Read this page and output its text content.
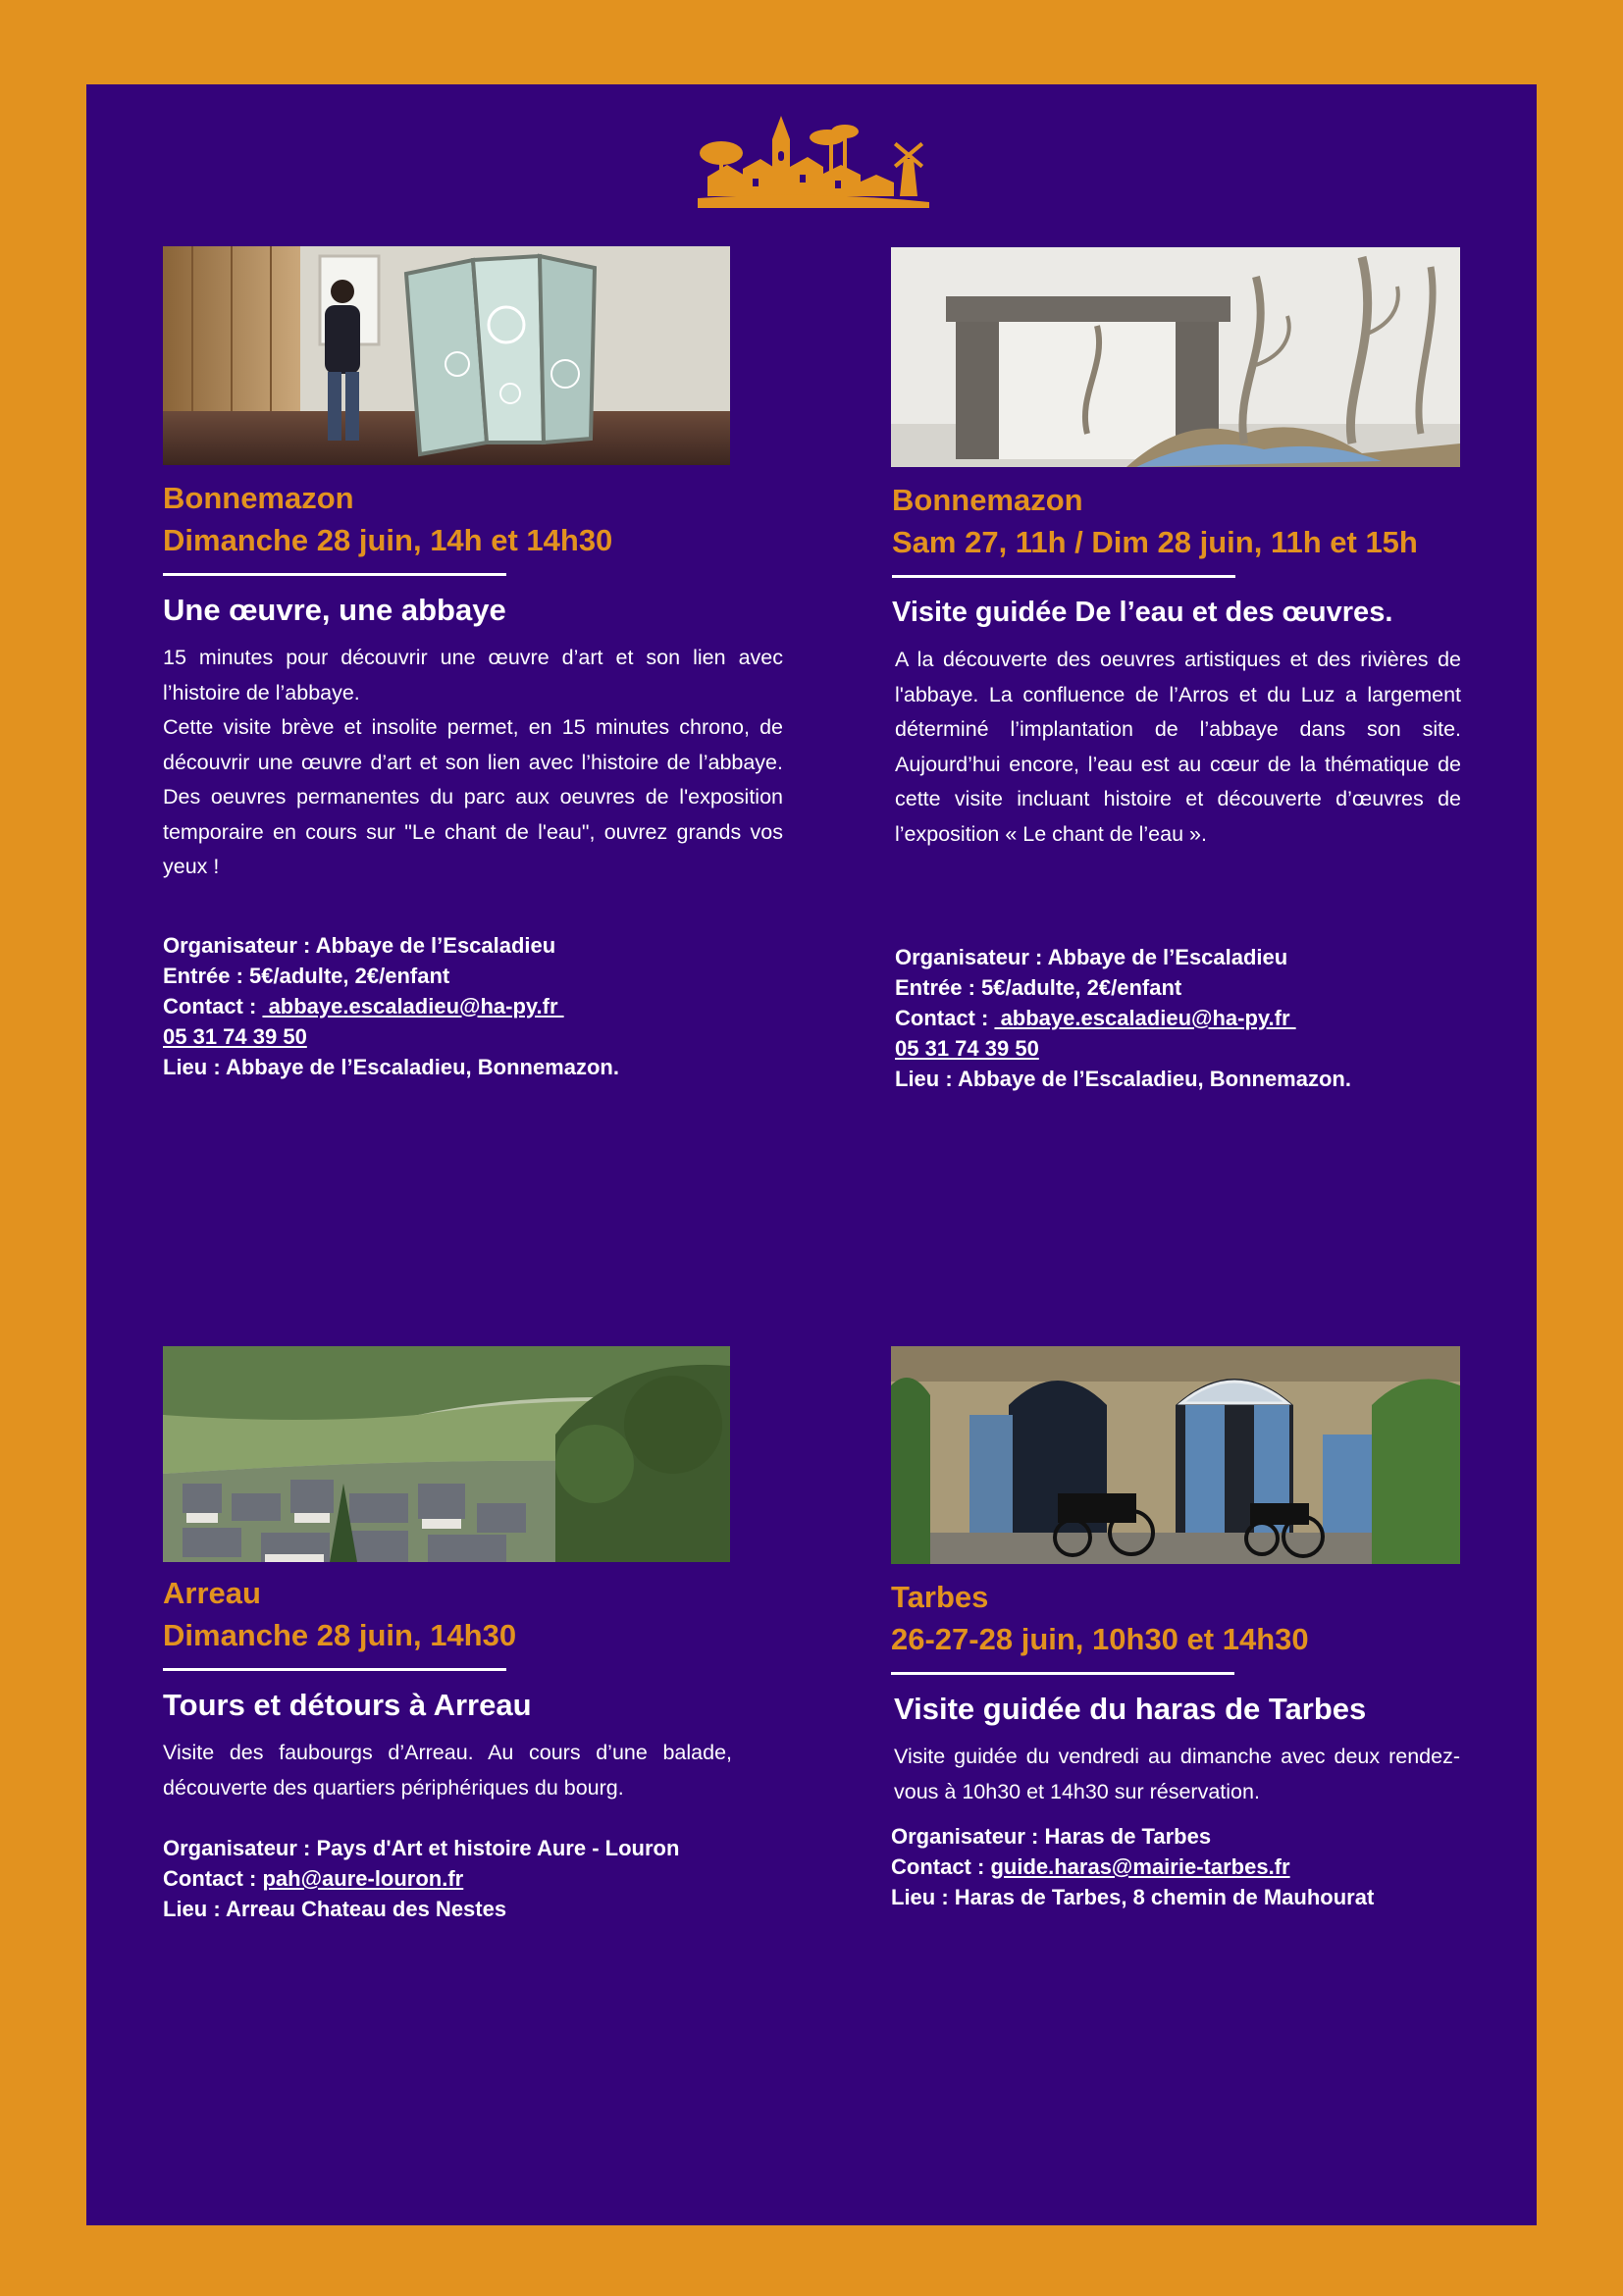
Bonnemazon

Dimanche 28 juin, 14h et 14h30

Une œuvre, une abbaye

15 minutes pour découvrir une œuvre d’art et son lien avec l’histoire de l’abbaye.

Cette visite brève et insolite permet, en 15 minutes chrono, de découvrir une œuvre d’art et son lien avec l’histoire de l’abbaye. Des oeuvres permanentes du parc aux oeuvres de l'exposition temporaire en cours sur "Le chant de l'eau", ouvrez grands vos yeux !

Organisateur : Abbaye de l’Escaladieu

Entrée : 5€/adulte, 2€/enfant

Contact :  abbaye.escaladieu@ha-py.fr

05 31 74 39 50

Lieu : Abbaye de l’Escaladieu, Bonnemazon.

Bonnemazon

Sam 27, 11h / Dim 28 juin, 11h et 15h

Visite guidée De l’eau et des œuvres.

A la découverte des oeuvres artistiques et des rivières de l'abbaye. La confluence de l’Arros et du Luz a largement déterminé l’implantation de l’abbaye dans son site. Aujourd’hui encore, l’eau est au cœur de la thématique de cette visite incluant histoire et découverte d’œuvres de l’exposition « Le chant de l’eau ».

Organisateur : Abbaye de l’Escaladieu

Entrée : 5€/adulte, 2€/enfant

Contact :  abbaye.escaladieu@ha-py.fr

05 31 74 39 50

Lieu : Abbaye de l’Escaladieu, Bonnemazon.

Arreau

Dimanche 28 juin, 14h30

Tours et détours à Arreau

Visite des faubourgs d’Arreau. Au cours d’une balade, découverte des quartiers périphériques du bourg.

Organisateur : Pays d'Art et histoire Aure - Louron

Contact : pah@aure-louron.fr

Lieu : Arreau Chateau des Nestes

Tarbes

26-27-28 juin, 10h30 et 14h30

Visite guidée du haras de Tarbes

Visite guidée du vendredi au dimanche avec deux rendez-vous à 10h30 et 14h30 sur réservation.

Organisateur : Haras de Tarbes

Contact : guide.haras@mairie-tarbes.fr

Lieu : Haras de Tarbes, 8 chemin de Mauhourat
